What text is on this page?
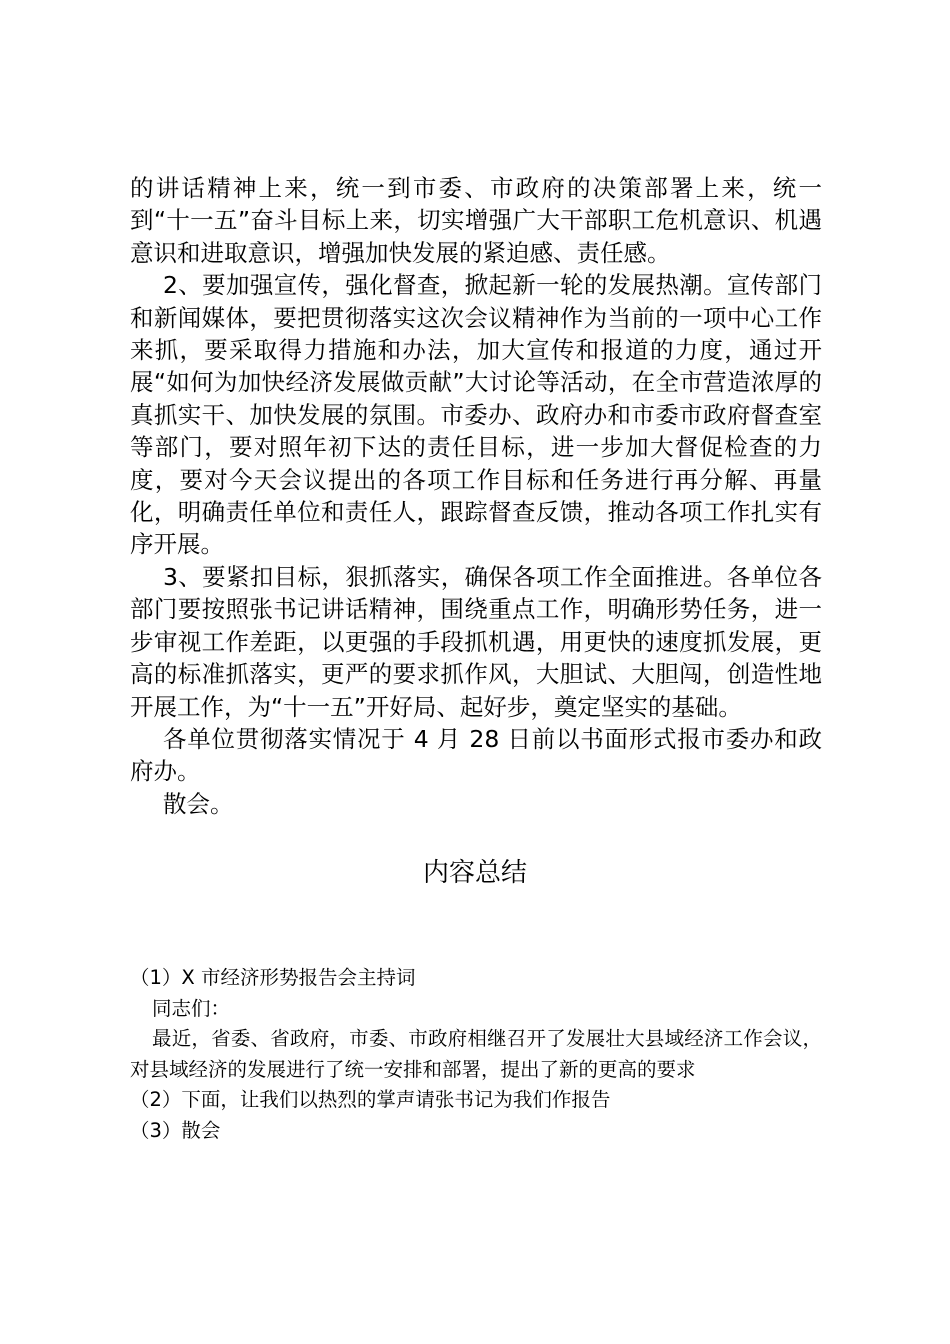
的讲话精神上来，统一到市委、市政府的决策部署上来，统一到“十一五”奋斗目标上来，切实增强广大干部职工危机意识、机遇意识和进取意识，增强加快发展的紧迫感、责任感。

2、要加强宣传，强化督查，掀起新一轮的发展热潮。宣传部门和新闻媒体，要把贯彻落实这次会议精神作为当前的一项中心工作来抓，要采取得力措施和办法，加大宣传和报道的力度，通过开展“如何为加快经济发展做贡献”大讨论等活动，在全市营造浓厚的真抓实干、加快发展的氛围。市委办、政府办和市委市政府督查室等部门，要对照年初下达的责任目标，进一步加大督促检查的力度，要对今天会议提出的各项工作目标和任务进行再分解、再量化，明确责任单位和责任人，跟踪督查反馈，推动各项工作扎实有序开展。

3、要紧扣目标，狠抓落实，确保各项工作全面推进。各单位各部门要按照张书记讲话精神，围绕重点工作，明确形势任务，进一步审视工作差距，以更强的手段抓机遇，用更快的速度抓发展，更高的标准抓落实，更严的要求抓作风，大胆试、大胆闯，创造性地开展工作，为“十一五”开好局、起好步，奠定坚实的基础。

各单位贯彻落实情况于 4 月 28 日前以书面形式报市委办和政府办。

散会。

内容总结

（1）X 市经济形势报告会主持词

同志们：

最近，省委、省政府，市委、市政府相继召开了发展壮大县域经济工作会议，对县域经济的发展进行了统一安排和部署，提出了新的更高的要求

（2）下面，让我们以热烈的掌声请张书记为我们作报告

（3）散会
